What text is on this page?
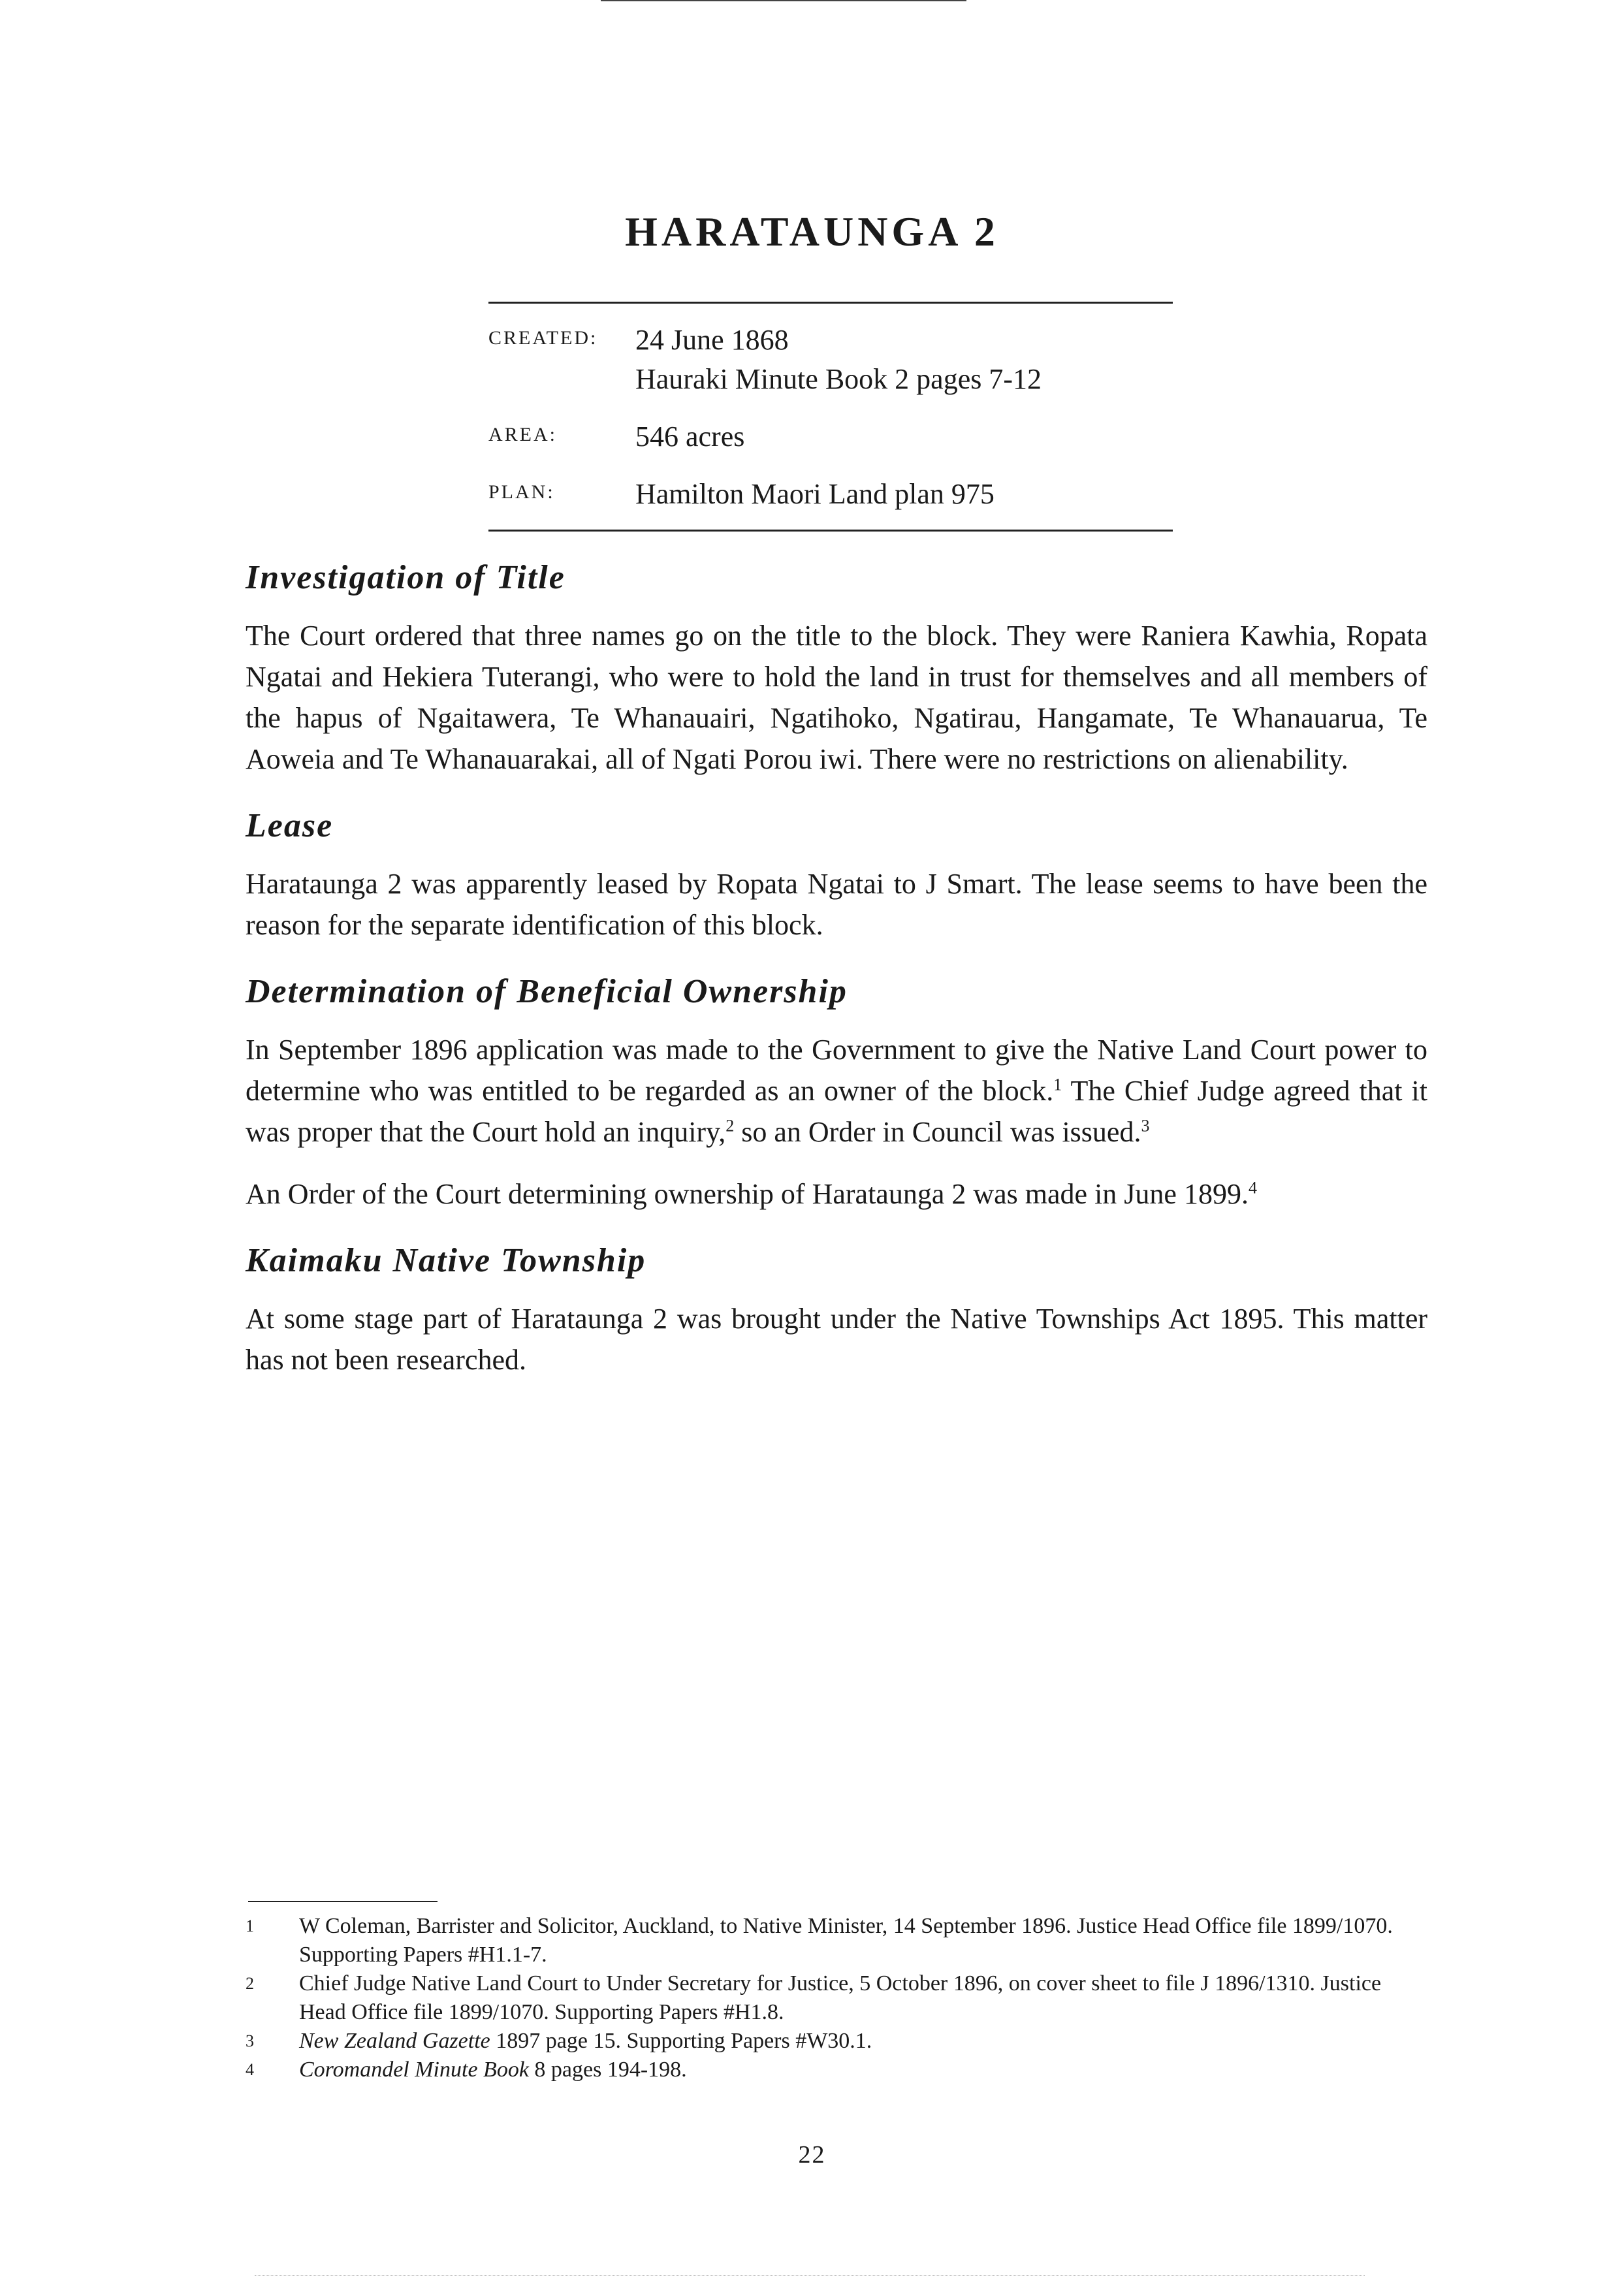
HARATAUNGA 2
CREATED:	24 June 1868
Hauraki Minute Book 2 pages 7-12
AREA:	546 acres
PLAN:	Hamilton Maori Land plan 975
Investigation of Title

The Court ordered that three names go on the title to the block. They were Raniera Kawhia, Ropata Ngatai and Hekiera Tuterangi, who were to hold the land in trust for themselves and all members of the hapus of Ngaitawera, Te Whanauairi, Ngatihoko, Ngatirau, Hangamate, Te Whanauarua, Te Aoweia and Te Whanauarakai, all of Ngati Porou iwi. There were no restrictions on alienability.

Lease

Harataunga 2 was apparently leased by Ropata Ngatai to J Smart. The lease seems to have been the reason for the separate identification of this block.

Determination of Beneficial Ownership

In September 1896 application was made to the Government to give the Native Land Court power to determine who was entitled to be regarded as an owner of the block.$^1$ The Chief Judge agreed that it was proper that the Court hold an inquiry,$^2$ so an Order in Council was issued.$^3$

An Order of the Court determining ownership of Harataunga 2 was made in June 1899.$^4$

Kaimaku Native Township

At some stage part of Harataunga 2 was brought under the Native Townships Act 1895. This matter has not been researched.

1	W Coleman, Barrister and Solicitor, Auckland, to Native Minister, 14 September 1896. Justice Head Office file 1899/1070. Supporting Papers #H1.1-7.
2	Chief Judge Native Land Court to Under Secretary for Justice, 5 October 1896, on cover sheet to file J 1896/1310. Justice Head Office file 1899/1070. Supporting Papers #H1.8.
3	New Zealand Gazette 1897 page 15. Supporting Papers #W30.1.
4	Coromandel Minute Book 8 pages 194-198.
22
